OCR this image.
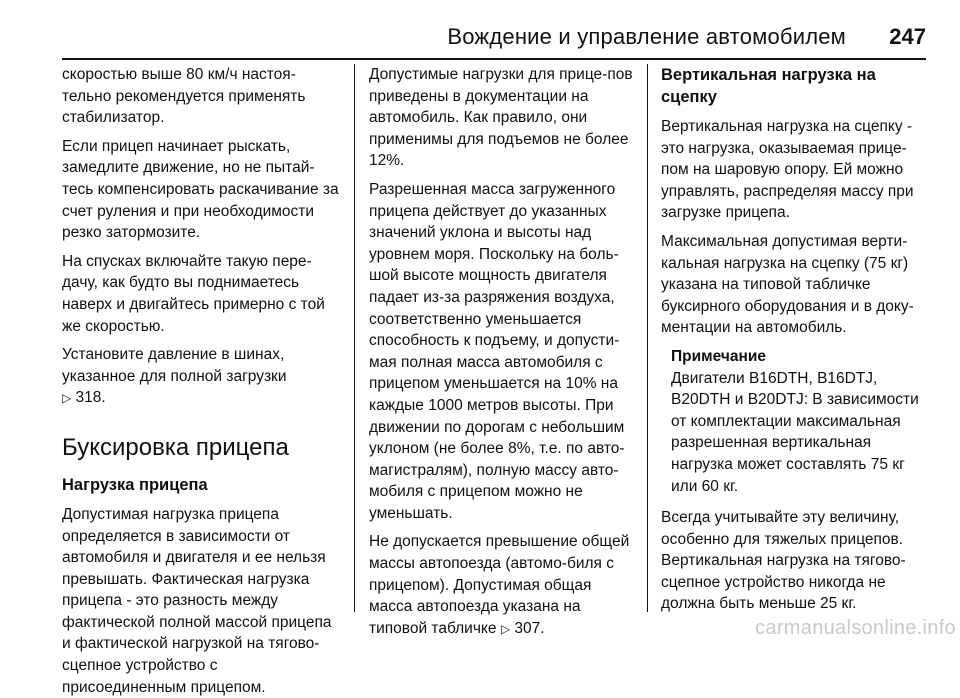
Вождение и управление автомобилем 247

скоростью выше 80 км/ч настоя-тельно рекомендуется применять стабилизатор.

Если прицеп начинает рыскать, замедлите движение, но не пытай-тесь компенсировать раскачивание за счет руления и при необходимости резко затормозите.

На спусках включайте такую пере-дачу, как будто вы поднимаетесь наверх и двигайтесь примерно с той же скоростью.

Установите давление в шинах, указанное для полной загрузки
▷ 318.

Буксировка прицепа
Нагрузка прицепа

Допустимая нагрузка прицепа определяется в зависимости от автомобиля и двигателя и ее нельзя превышать. Фактическая нагрузка прицепа - это разность между фактической полной массой прицепа и фактической нагрузкой на тягово-сцепное устройство с присоединенным прицепом.

Допустимые нагрузки для прице-пов приведены в документации на автомобиль. Как правило, они применимы для подъемов не более 12%.

Разрешенная масса загруженного прицепа действует до указанных значений уклона и высоты над уровнем моря. Поскольку на боль-шой высоте мощность двигателя падает из-за разряжения воздуха, соответственно уменьшается способность к подъему, и допусти-мая полная масса автомобиля с прицепом уменьшается на 10% на каждые 1000 метров высоты. При движении по дорогам с небольшим уклоном (не более 8%, т.е. по авто-магистралям), полную массу авто-мобиля с прицепом можно не уменьшать.

Не допускается превышение общей массы автопоезда (автомо-биля с прицепом). Допустимая общая масса автопоезда указана на типовой табличке ▷ 307.

Вертикальная нагрузка на сцепку

Вертикальная нагрузка на сцепку - это нагрузка, оказываемая прице-пом на шаровую опору. Ей можно управлять, распределяя массу при загрузке прицепа.

Максимальная допустимая верти-кальная нагрузка на сцепку (75 кг) указана на типовой табличке буксирного оборудования и в доку-ментации на автомобиль.

Примечание
Двигатели B16DTH, B16DTJ, B20DTH и B20DTJ: В зависимости от комплектации максимальная разрешенная вертикальная нагрузка может составлять 75 кг или 60 кг.

Всегда учитывайте эту величину, особенно для тяжелых прицепов. Вертикальная нагрузка на тягово-сцепное устройство никогда не должна быть меньше 25 кг.

carmanualsonline.info
